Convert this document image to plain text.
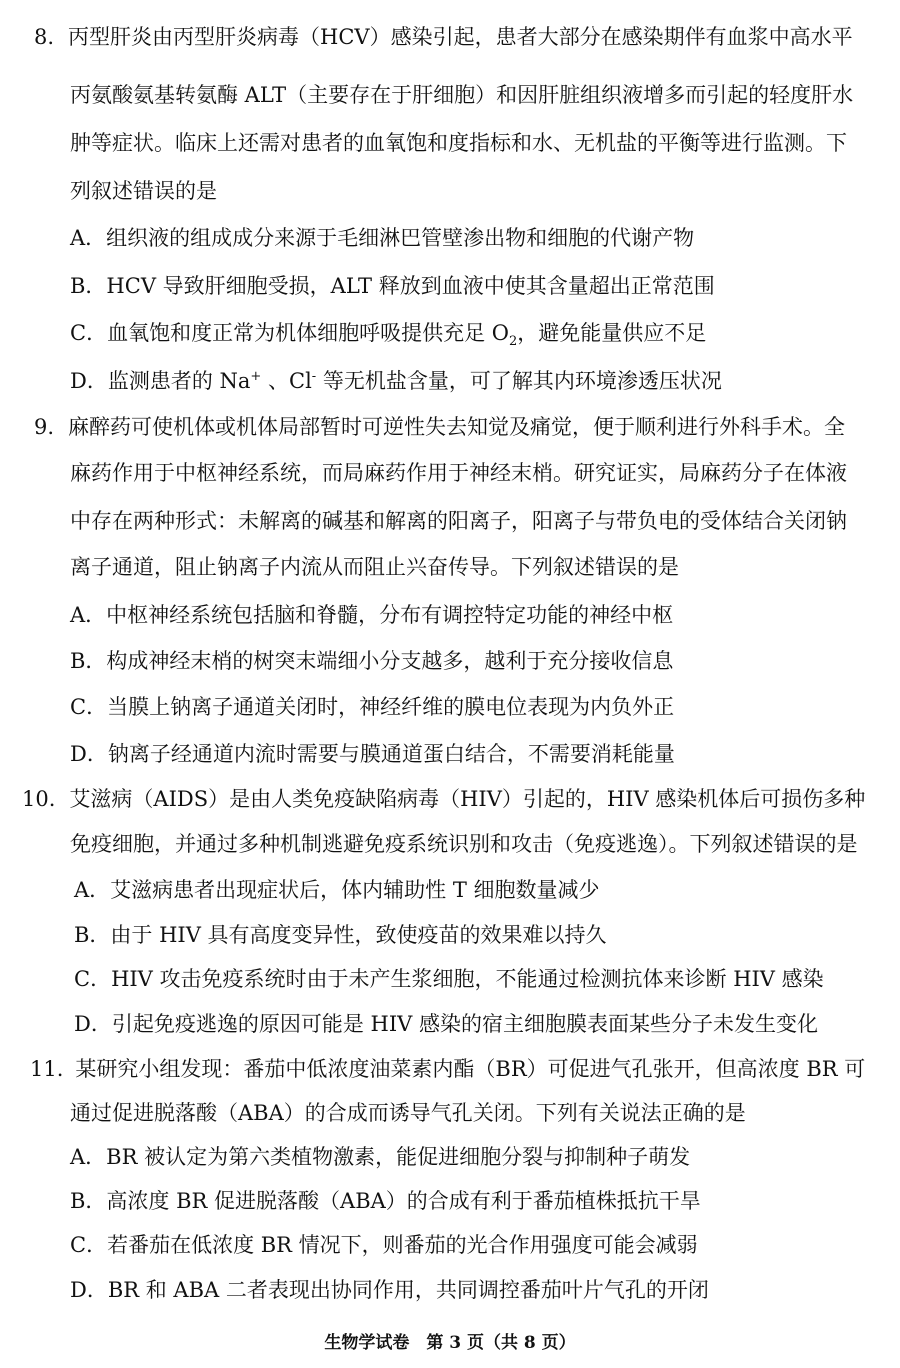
8. 丙型肝炎由丙型肝炎病毒（HCV）感染引起，患者大部分在感染期伴有血浆中高水平
丙氨酸氨基转氨酶 ALT（主要存在于肝细胞）和因肝脏组织液增多而引起的轻度肝水
肿等症状。临床上还需对患者的血氧饱和度指标和水、无机盐的平衡等进行监测。下
列叙述错误的是
A．组织液的组成成分来源于毛细淋巴管壁渗出物和细胞的代谢产物
B．HCV 导致肝细胞受损，ALT 释放到血液中使其含量超出正常范围
C．血氧饱和度正常为机体细胞呼吸提供充足 $O_2$，避免能量供应不足
D．监测患者的 Na+ 、Cl- 等无机盐含量，可了解其内环境渗透压状况
9. 麻醉药可使机体或机体局部暂时可逆性失去知觉及痛觉，便于顺利进行外科手术。全
麻药作用于中枢神经系统，而局麻药作用于神经末梢。研究证实，局麻药分子在体液
中存在两种形式：未解离的碱基和解离的阳离子，阳离子与带负电的受体结合关闭钠
离子通道，阻止钠离子内流从而阻止兴奋传导。下列叙述错误的是
A．中枢神经系统包括脑和脊髓，分布有调控特定功能的神经中枢
B．构成神经末梢的树突末端细小分支越多，越利于充分接收信息
C．当膜上钠离子通道关闭时，神经纤维的膜电位表现为内负外正
D．钠离子经通道内流时需要与膜通道蛋白结合，不需要消耗能量
10. 艾滋病（AIDS）是由人类免疫缺陷病毒（HIV）引起的，HIV 感染机体后可损伤多种
免疫细胞，并通过多种机制逃避免疫系统识别和攻击（免疫逃逸）。下列叙述错误的是
A．艾滋病患者出现症状后，体内辅助性 T 细胞数量减少
B．由于 HIV 具有高度变异性，致使疫苗的效果难以持久
C．HIV 攻击免疫系统时由于未产生浆细胞，不能通过检测抗体来诊断 HIV 感染
D．引起免疫逃逸的原因可能是 HIV 感染的宿主细胞膜表面某些分子未发生变化
11. 某研究小组发现：番茄中低浓度油菜素内酯（BR）可促进气孔张开，但高浓度 BR 可
通过促进脱落酸（ABA）的合成而诱导气孔关闭。下列有关说法正确的是
A．BR 被认定为第六类植物激素，能促进细胞分裂与抑制种子萌发
B．高浓度 BR 促进脱落酸（ABA）的合成有利于番茄植株抵抗干旱
C．若番茄在低浓度 BR 情况下，则番茄的光合作用强度可能会减弱
D．BR 和 ABA 二者表现出协同作用，共同调控番茄叶片气孔的开闭
生物学试卷　第 3 页（共 8 页）
